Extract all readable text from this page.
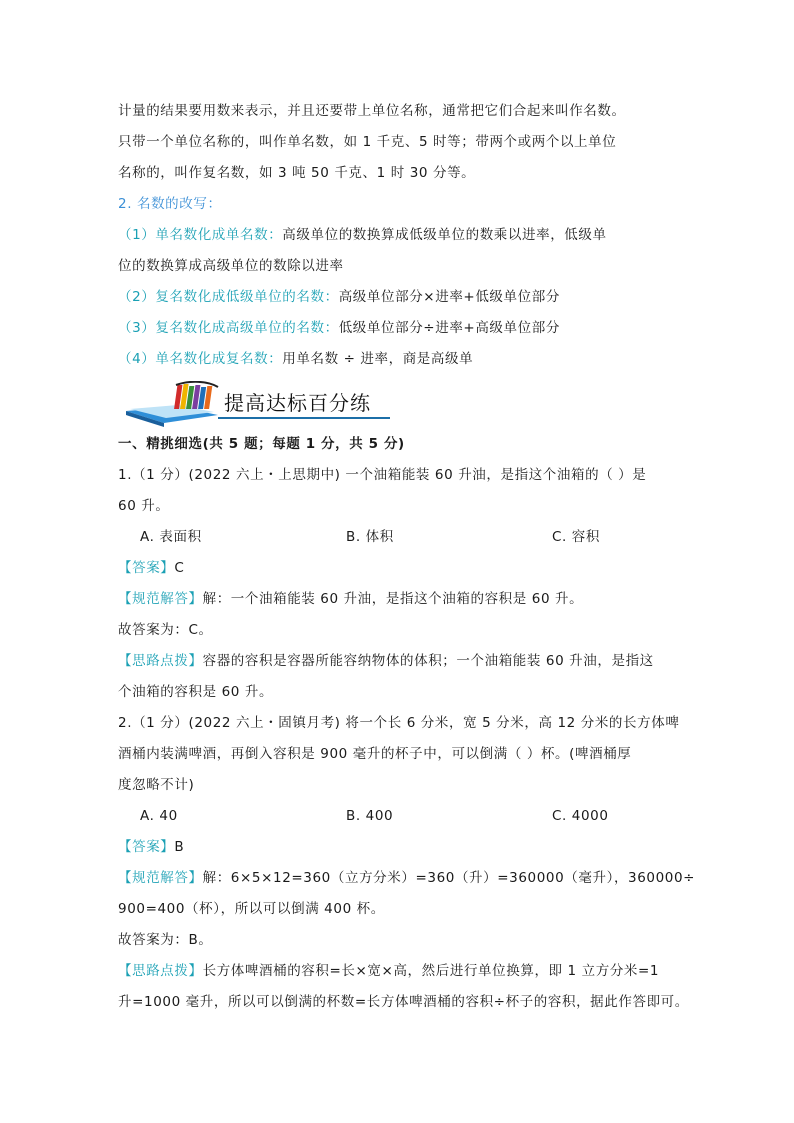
计量的结果要用数来表示，并且还要带上单位名称，通常把它们合起来叫作名数。

只带一个单位名称的，叫作单名数，如 1 千克、5 时等；带两个或两个以上单位

名称的，叫作复名数，如 3 吨 50 千克、1 时 30 分等。

2. 名数的改写：

（1）单名数化成单名数：高级单位的数换算成低级单位的数乘以进率，低级单

位的数换算成高级单位的数除以进率

（2）复名数化成低级单位的名数：高级单位部分×进率+低级单位部分

（3）复名数化成高级单位的名数：低级单位部分÷进率+高级单位部分

（4）单名数化成复名数：用单名数 ÷ 进率，商是高级单

提高达标百分练

一、精挑细选(共 5 题；每题 1 分，共 5 分)

1.（1 分）(2022 六上・上思期中) 一个油箱能装 60 升油，是指这个油箱的（ ）是

60 升。

A. 表面积	B. 体积	C. 容积

【答案】C

【规范解答】解：一个油箱能装 60 升油，是指这个油箱的容积是 60 升。

故答案为：C。

【思路点拨】容器的容积是容器所能容纳物体的体积；一个油箱能装 60 升油，是指这

个油箱的容积是 60 升。

2.（1 分）(2022 六上・固镇月考) 将一个长 6 分米，宽 5 分米，高 12 分米的长方体啤

酒桶内装满啤酒，再倒入容积是 900 毫升的杯子中，可以倒满（ ）杯。(啤酒桶厚

度忽略不计)

A. 40	B. 400	C. 4000

【答案】B

【规范解答】解：6×5×12=360（立方分米）=360（升）=360000（毫升），360000÷

900=400（杯），所以可以倒满 400 杯。

故答案为：B。

【思路点拨】长方体啤酒桶的容积=长×宽×高，然后进行单位换算，即 1 立方分米=1

升=1000 毫升，所以可以倒满的杯数=长方体啤酒桶的容积÷杯子的容积，据此作答即可。
